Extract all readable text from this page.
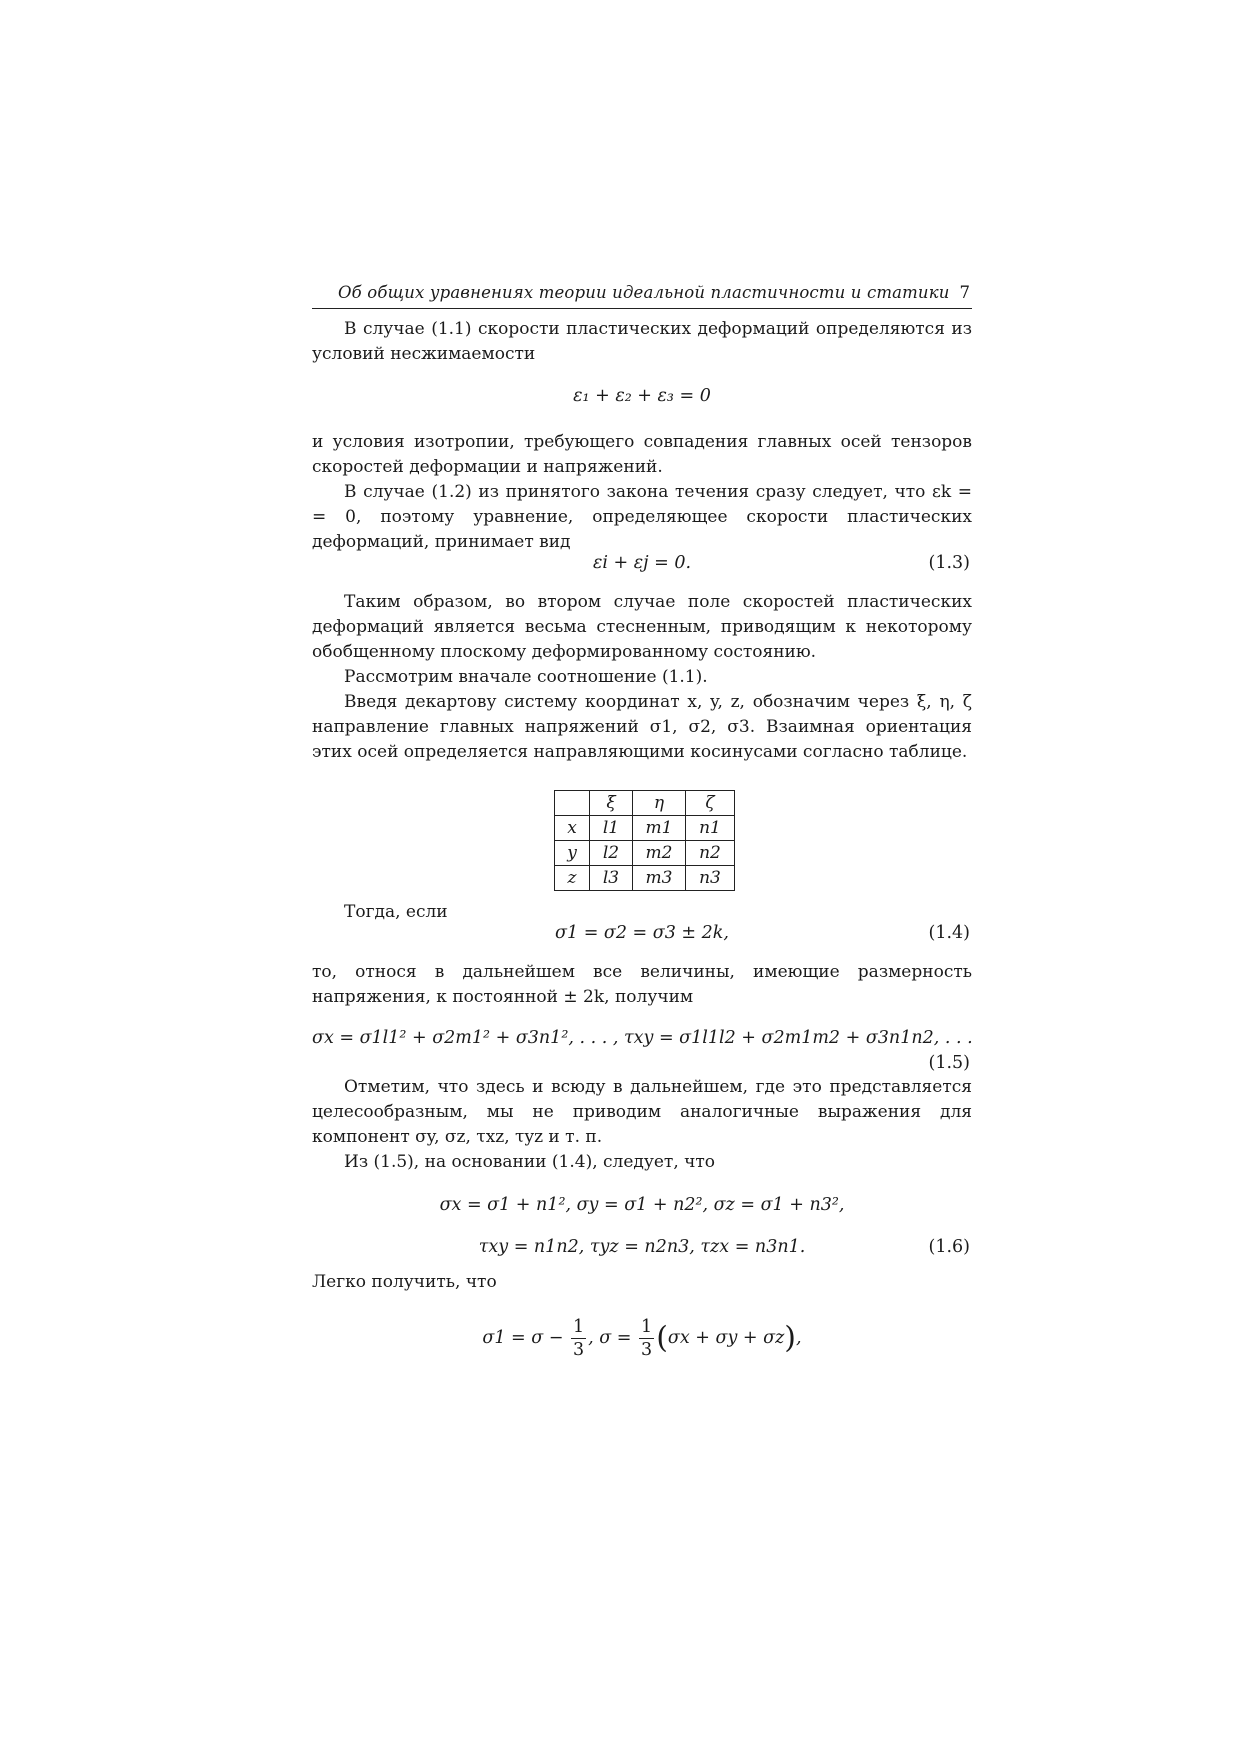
Об общих уравнениях теории идеальной пластичности и статики 7
В случае (1.1) скорости пластических деформаций определяются из условий несжимаемости
ε₁ + ε₂ + ε₃ = 0
и условия изотропии, требующего совпадения главных осей тензоров скоростей деформации и напряжений.
В случае (1.2) из принятого закона течения сразу следует, что εk = = 0, поэтому уравнение, определяющее скорости пластических деформаций, принимает вид
εi + εj = 0.	(1.3)
Таким образом, во втором случае поле скоростей пластических деформаций является весьма стесненным, приводящим к некоторому обобщенному плоскому деформированному состоянию.
Рассмотрим вначале соотношение (1.1).
Введя декартову систему координат x, y, z, обозначим через ξ, η, ζ направление главных напряжений σ1, σ2, σ3. Взаимная ориентация этих осей определяется направляющими косинусами согласно таблице.
	ξ	η	ζ
x	l1	m1	n1
y	l2	m2	n2
z	l3	m3	n3
Тогда, если
σ1 = σ2 = σ3 ± 2k,	(1.4)
то, относя в дальнейшем все величины, имеющие размерность напряжения, к постоянной ± 2k, получим
σx = σ1l1² + σ2m1² + σ3n1², . . . , τxy = σ1l1l2 + σ2m1m2 + σ3n1n2, . . .
(1.5)
Отметим, что здесь и всюду в дальнейшем, где это представляется целесообразным, мы не приводим аналогичные выражения для компонент σy, σz, τxz, τyz и т. п.
Из (1.5), на основании (1.4), следует, что
σx = σ1 + n1², σy = σ1 + n2², σz = σ1 + n3²,
τxy = n1n2, τyz = n2n3, τzx = n3n1.	(1.6)
Легко получить, что
$\sigma 1 = \sigma - \frac{1}{3}$ , $\sigma = \frac{1}{3} (\sigma x + \sigma y + \sigma z)$,
